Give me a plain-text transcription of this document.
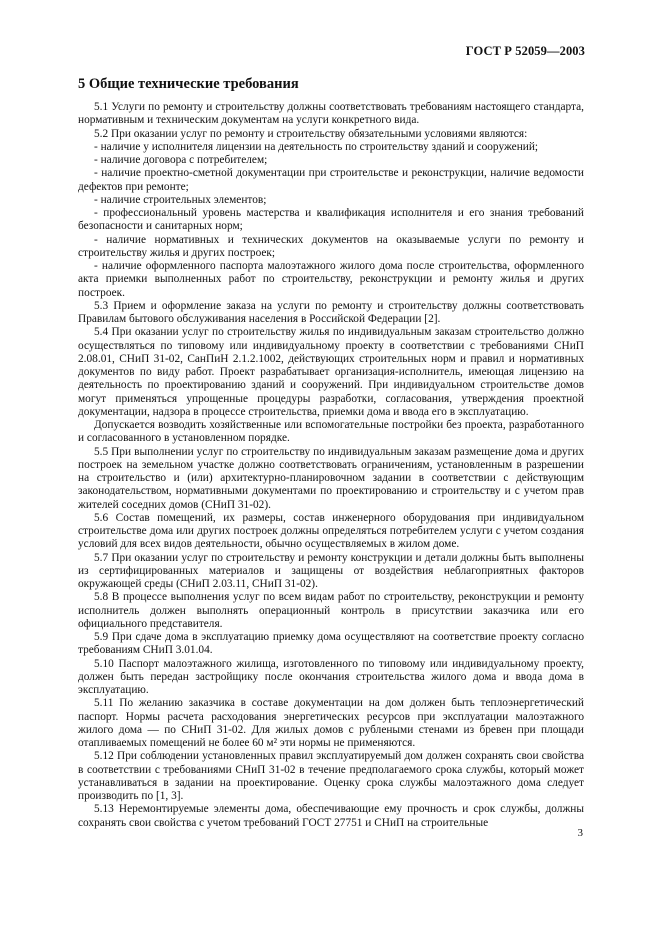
ГОСТ Р 52059—2003
5 Общие технические требования

5.1 Услуги по ремонту и строительству должны соответствовать требованиям настоящего стандарта, нормативным и техническим документам на услуги конкретного вида.

5.2 При оказании услуг по ремонту и строительству обязательными условиями являются:

- наличие у исполнителя лицензии на деятельность по строительству зданий и сооружений;

- наличие договора с потребителем;

- наличие проектно-сметной документации при строительстве и реконструкции, наличие ведомости дефектов при ремонте;

- наличие строительных элементов;

- профессиональный уровень мастерства и квалификация исполнителя и его знания требований безопасности и санитарных норм;

- наличие нормативных и технических документов на оказываемые услуги по ремонту и строительству жилья и других построек;

- наличие оформленного паспорта малоэтажного жилого дома после строительства, оформленного акта приемки выполненных работ по строительству, реконструкции и ремонту жилья и других построек.

5.3 Прием и оформление заказа на услуги по ремонту и строительству должны соответствовать Правилам бытового обслуживания населения в Российской Федерации [2].

5.4 При оказании услуг по строительству жилья по индивидуальным заказам строительство должно осуществляться по типовому или индивидуальному проекту в соответствии с требованиями СНиП 2.08.01, СНиП 31-02, СанПиН 2.1.2.1002, действующих строительных норм и правил и нормативных документов по виду работ. Проект разрабатывает организация-исполнитель, имеющая лицензию на деятельность по проектированию зданий и сооружений. При индивидуальном строительстве домов могут применяться упрощенные процедуры разработки, согласования, утверждения проектной документации, надзора в процессе строительства, приемки дома и ввода его в эксплуатацию.

Допускается возводить хозяйственные или вспомогательные постройки без проекта, разработанного и согласованного в установленном порядке.

5.5 При выполнении услуг по строительству по индивидуальным заказам размещение дома и других построек на земельном участке должно соответствовать ограничениям, установленным в разрешении на строительство и (или) архитектурно-планировочном задании в соответствии с действующим законодательством, нормативными документами по проектированию и строительству и с учетом прав жителей соседних домов (СНиП 31-02).

5.6 Состав помещений, их размеры, состав инженерного оборудования при индивидуальном строительстве дома или других построек должны определяться потребителем услуги с учетом создания условий для всех видов деятельности, обычно осуществляемых в жилом доме.

5.7 При оказании услуг по строительству и ремонту конструкции и детали должны быть выполнены из сертифицированных материалов и защищены от воздействия неблагоприятных факторов окружающей среды (СНиП 2.03.11, СНиП 31-02).

5.8 В процессе выполнения услуг по всем видам работ по строительству, реконструкции и ремонту исполнитель должен выполнять операционный контроль в присутствии заказчика или его официального представителя.

5.9 При сдаче дома в эксплуатацию приемку дома осуществляют на соответствие проекту согласно требованиям СНиП 3.01.04.

5.10 Паспорт малоэтажного жилища, изготовленного по типовому или индивидуальному проекту, должен быть передан застройщику после окончания строительства жилого дома и ввода дома в эксплуатацию.

5.11 По желанию заказчика в составе документации на дом должен быть теплоэнергетический паспорт. Нормы расчета расходования энергетических ресурсов при эксплуатации малоэтажного жилого дома — по СНиП 31-02. Для жилых домов с рублеными стенами из бревен при площади отапливаемых помещений не более 60 м² эти нормы не применяются.

5.12 При соблюдении установленных правил эксплуатируемый дом должен сохранять свои свойства в соответствии с требованиями СНиП 31-02 в течение предполагаемого срока службы, который может устанавливаться в задании на проектирование. Оценку срока службы малоэтажного дома следует производить по [1, 3].

5.13 Неремонтируемые элементы дома, обеспечивающие ему прочность и срок службы, должны сохранять свои свойства с учетом требований ГОСТ 27751 и СНиП на строительные

3
